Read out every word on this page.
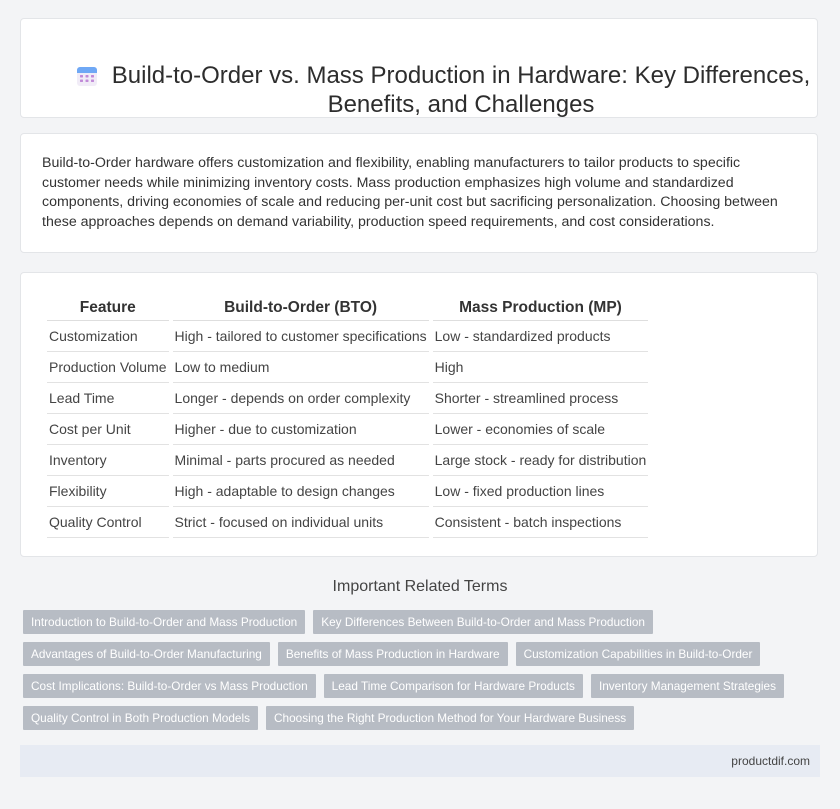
Build-to-Order vs. Mass Production in Hardware: Key Differences, Benefits, and Challenges

Build-to-Order hardware offers customization and flexibility, enabling manufacturers to tailor products to specific customer needs while minimizing inventory costs. Mass production emphasizes high volume and standardized components, driving economies of scale and reducing per-unit cost but sacrificing personalization. Choosing between these approaches depends on demand variability, production speed requirements, and cost considerations.

Feature	Build-to-Order (BTO)	Mass Production (MP)
Customization	High - tailored to customer specifications	Low - standardized products
Production Volume	Low to medium	High
Lead Time	Longer - depends on order complexity	Shorter - streamlined process
Cost per Unit	Higher - due to customization	Lower - economies of scale
Inventory	Minimal - parts procured as needed	Large stock - ready for distribution
Flexibility	High - adaptable to design changes	Low - fixed production lines
Quality Control	Strict - focused on individual units	Consistent - batch inspections
Important Related Terms
Introduction to Build-to-Order and Mass Production	Key Differences Between Build-to-Order and Mass Production
Advantages of Build-to-Order Manufacturing	Benefits of Mass Production in Hardware	Customization Capabilities in Build-to-Order
Cost Implications: Build-to-Order vs Mass Production	Lead Time Comparison for Hardware Products	Inventory Management Strategies
Quality Control in Both Production Models	Choosing the Right Production Method for Your Hardware Business
productdif.com
